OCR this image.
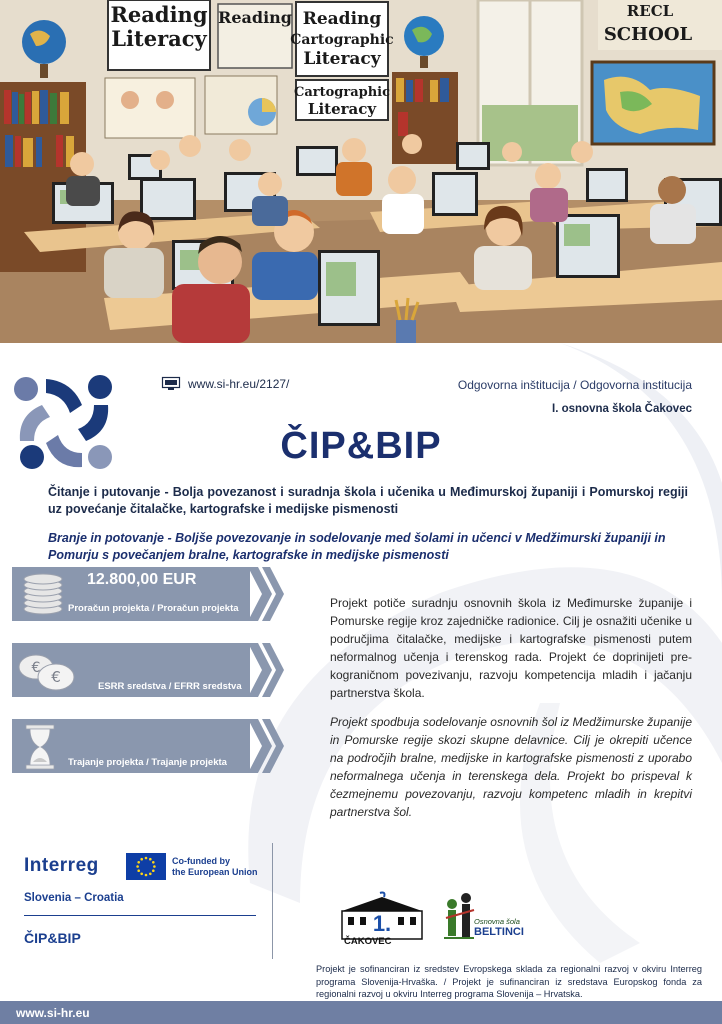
Reading
Literacy
Reading Reading
Cartographic
Literacy
Cartographic
Literacy
RECL
SCHOOL
www.si-hr.eu/2127/	Odgovorna inštitucija / Odgovorna institucija
I. osnovna škola Čakovec
ČIP&BIP
Čitanje i putovanje - Bolja povezanost i suradnja škola i učenika u Međimurskoj županiji i Pomurskoj regiji uz povećanje čitalačke, kartografske i medijske pismenosti
Branje in potovanje - Boljše povezovanje in sodelovanje med šolami in učenci v Medžimurski županiji in Pomurju s povečanjem bralne, kartografske in medijske pismenosti
12.800,00 EUR
Proračun projekta / Proračun projekta
€ €
ESRR sredstva / EFRR sredstva
Trajanje projekta / Trajanje projekta
Projekt potiče suradnju osnovnih škola iz Međimurske županije i Pomurske regije kroz zajedničke radionice. Cilj je osnažiti učenike u područjima čitalačke, medijske i kartografske pismenosti putem neformalnog učenja i terenskog rada. Projekt će doprinijeti pre-kograničnom povezivanju, razvoju kompetencija mladih i jačanju partnerstva škola.
Projekt spodbuja sodelovanje osnovnih šol iz Medžimurske županije in Pomurske regije skozi skupne delavnice. Cilj je okrepiti učence na področjih bralne, medijske in kartografske pismenosti z uporabo neformalnega učenja in terenskega dela. Projekt bo prispeval k čezmejnemu povezovanju, razvoju kompetenc mladih in krepitvi partnerstva šol.
Interreg	Co-funded by
the European Union
Slovenia – Croatia
ČIP&BIP
1.
ČAKOVEC
Osnovna šola
BELTINCI
Projekt je sofinanciran iz sredstev Evropskega sklada za regionalni razvoj v okviru Interreg programa Slovenija-Hrvaška. / Projekt je sufinanciran iz sredstava Europskog fonda za regionalni razvoj u okviru Interreg programa Slovenija – Hrvatska.
www.si-hr.eu
